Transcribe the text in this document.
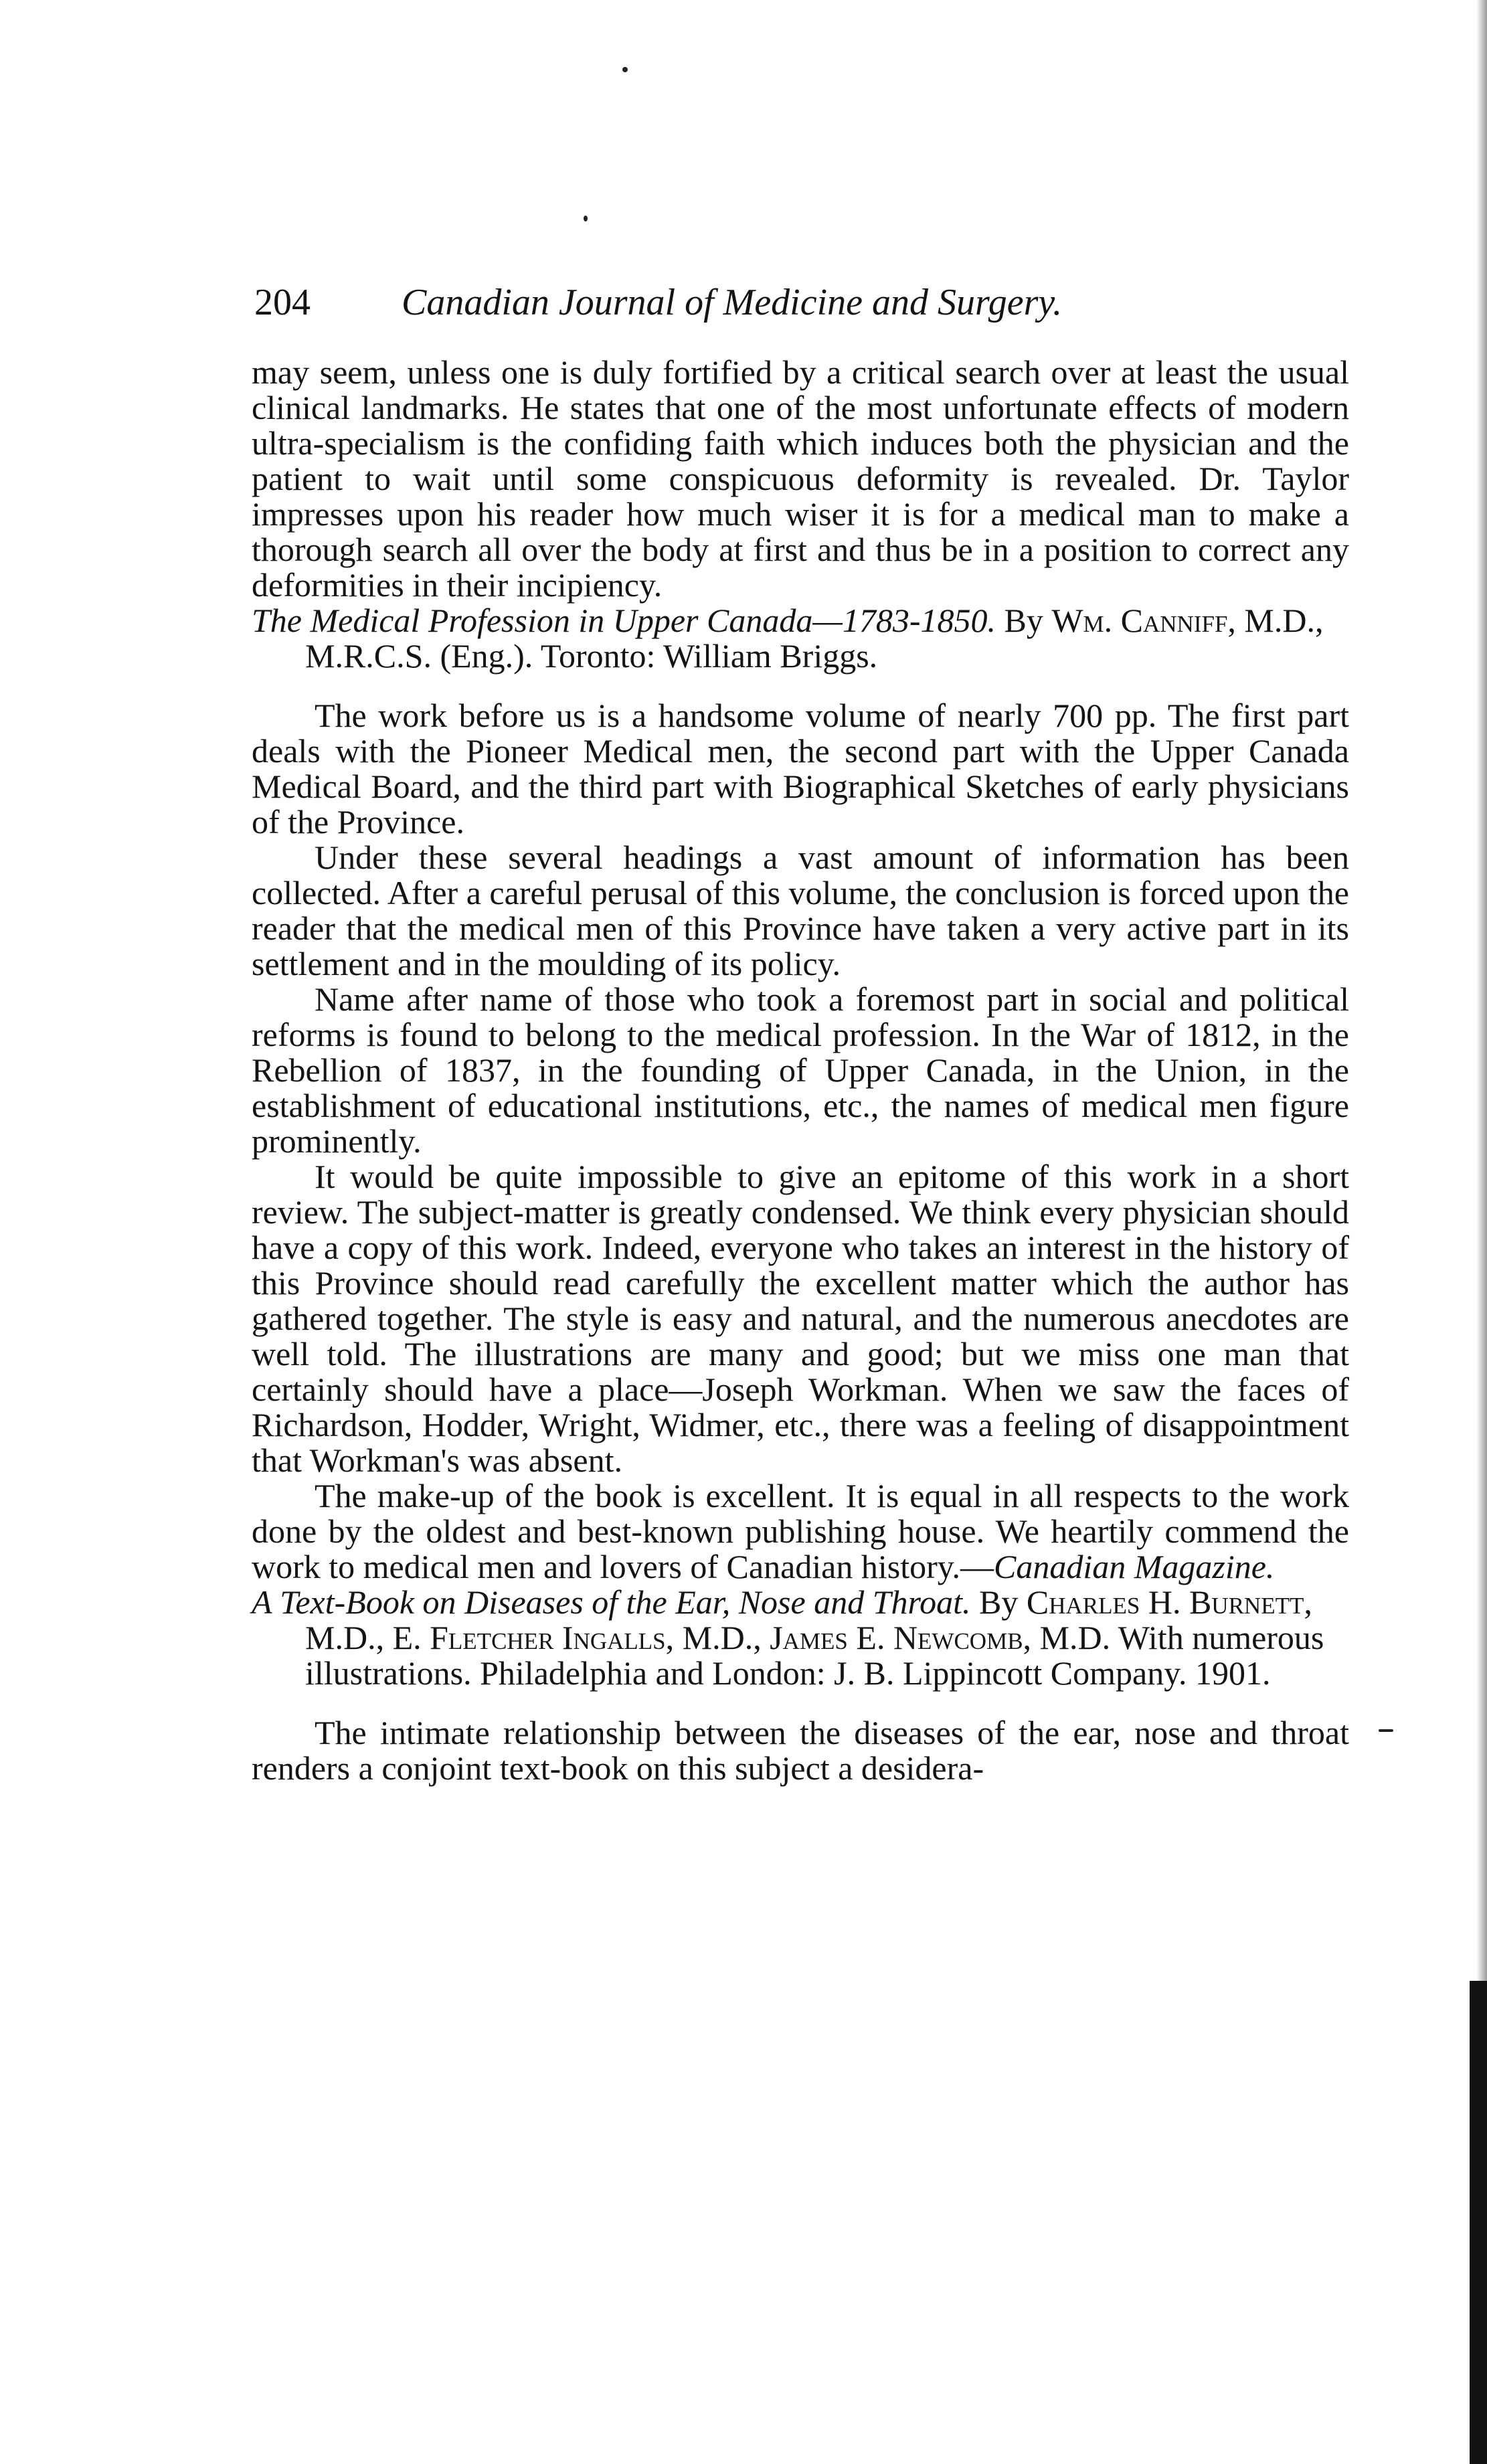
204 Canadian Journal of Medicine and Surgery.

may seem, unless one is duly fortified by a critical search over at least the usual clinical landmarks. He states that one of the most unfortunate effects of modern ultra-specialism is the confiding faith which induces both the physician and the patient to wait until some conspicuous deformity is revealed. Dr. Taylor impresses upon his reader how much wiser it is for a medical man to make a thorough search all over the body at first and thus be in a position to correct any deformities in their incipiency.

The Medical Profession in Upper Canada—1783-1850. By Wm. Canniff, M.D., M.R.C.S. (Eng.). Toronto: William Briggs.

The work before us is a handsome volume of nearly 700 pp. The first part deals with the Pioneer Medical men, the second part with the Upper Canada Medical Board, and the third part with Biographical Sketches of early physicians of the Province.

Under these several headings a vast amount of information has been collected. After a careful perusal of this volume, the conclusion is forced upon the reader that the medical men of this Province have taken a very active part in its settlement and in the moulding of its policy.

Name after name of those who took a foremost part in social and political reforms is found to belong to the medical profession. In the War of 1812, in the Rebellion of 1837, in the founding of Upper Canada, in the Union, in the establishment of educational institutions, etc., the names of medical men figure prominently.

It would be quite impossible to give an epitome of this work in a short review. The subject-matter is greatly condensed. We think every physician should have a copy of this work. Indeed, everyone who takes an interest in the history of this Province should read carefully the excellent matter which the author has gathered together. The style is easy and natural, and the numerous anecdotes are well told. The illustrations are many and good; but we miss one man that certainly should have a place—Joseph Workman. When we saw the faces of Richardson, Hodder, Wright, Widmer, etc., there was a feeling of disappointment that Workman's was absent.

The make-up of the book is excellent. It is equal in all respects to the work done by the oldest and best-known publishing house. We heartily commend the work to medical men and lovers of Canadian history.—Canadian Magazine.

A Text-Book on Diseases of the Ear, Nose and Throat. By Charles H. Burnett, M.D., E. Fletcher Ingalls, M.D., James E. Newcomb, M.D. With numerous illustrations. Philadelphia and London: J. B. Lippincott Company. 1901.

The intimate relationship between the diseases of the ear, nose and throat renders a conjoint text-book on this subject a desidera-
